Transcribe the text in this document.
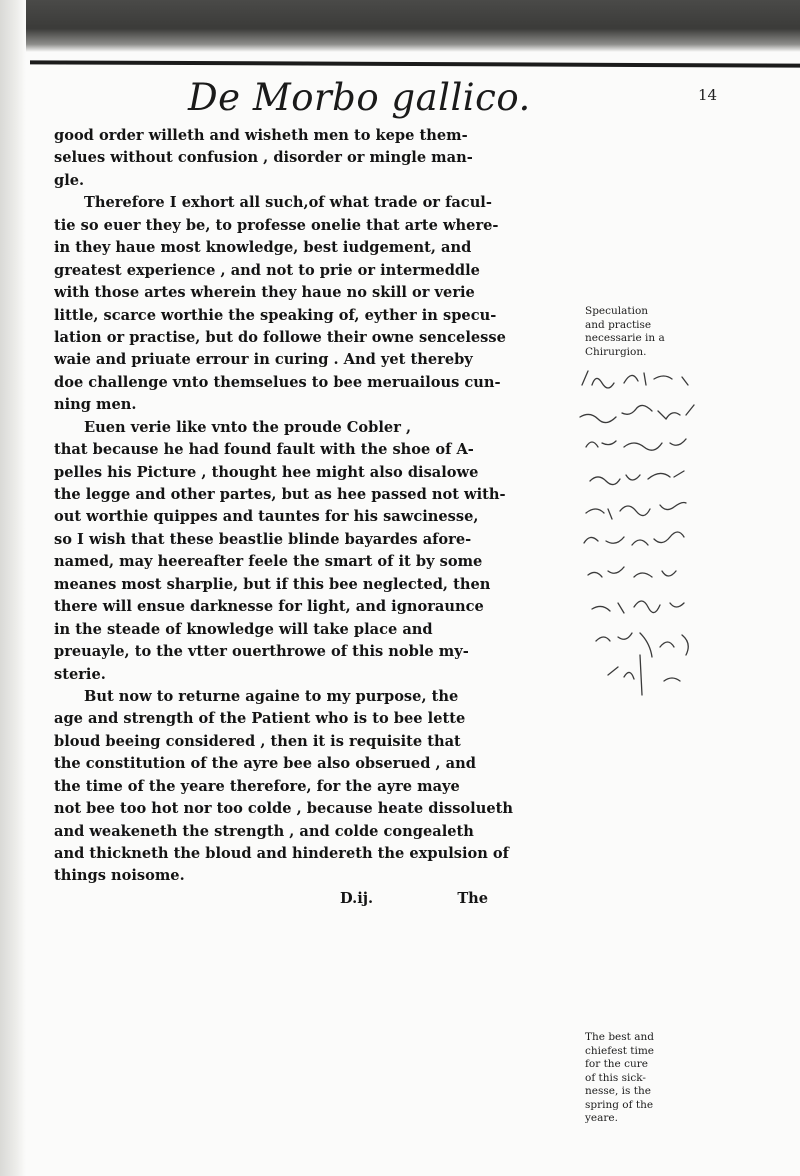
De Morbo gallico.	14
good order willeth and wisheth men to kepe them-
selues without confusion , disorder or mingle man-
gle.
Therefore I exhort all such,of what trade or facul-
tie so euer they be, to professe onelie that arte where-
in they haue most knowledge, best iudgement, and
greatest experience , and not to prie or intermeddle
with those artes wherein they haue no skill or verie
little, scarce worthie the speaking of, eyther in specu-
lation or practise, but do followe their owne sencelesse
waie and priuate errour in curing . And yet thereby
doe challenge vnto themselues to bee meruailous cun-
ning men.
Euen verie like vnto the proude Cobler ,
that because he had found fault with the shoe of A-
pelles his Picture , thought hee might also disalowe
the legge and other partes, but as hee passed not with-
out worthie quippes and tauntes for his sawcinesse,
so I wish that these beastlie blinde bayardes afore-
named, may heereafter feele the smart of it by some
meanes most sharplie, but if this bee neglected, then
there will ensue darknesse for light, and ignoraunce
in the steade of knowledge will take place and
preuayle, to the vtter ouerthrowe of this noble my-
sterie.
But now to returne againe to my purpose, the
age and strength of the Patient who is to bee lette
bloud beeing considered , then it is requisite that
the constitution of the ayre bee also obserued , and
the time of the yeare therefore, for the ayre maye
not bee too hot nor too colde , because heate dissolueth
and weakeneth the strength , and colde congealeth
and thickneth the bloud and hindereth the expulsion of
things noisome.
D.ij.	The
Speculation
and practise
necessarie in a
Chirurgion.
The best and
chiefest time
for the cure
of this sick-
nesse, is the
spring of the
yeare.
